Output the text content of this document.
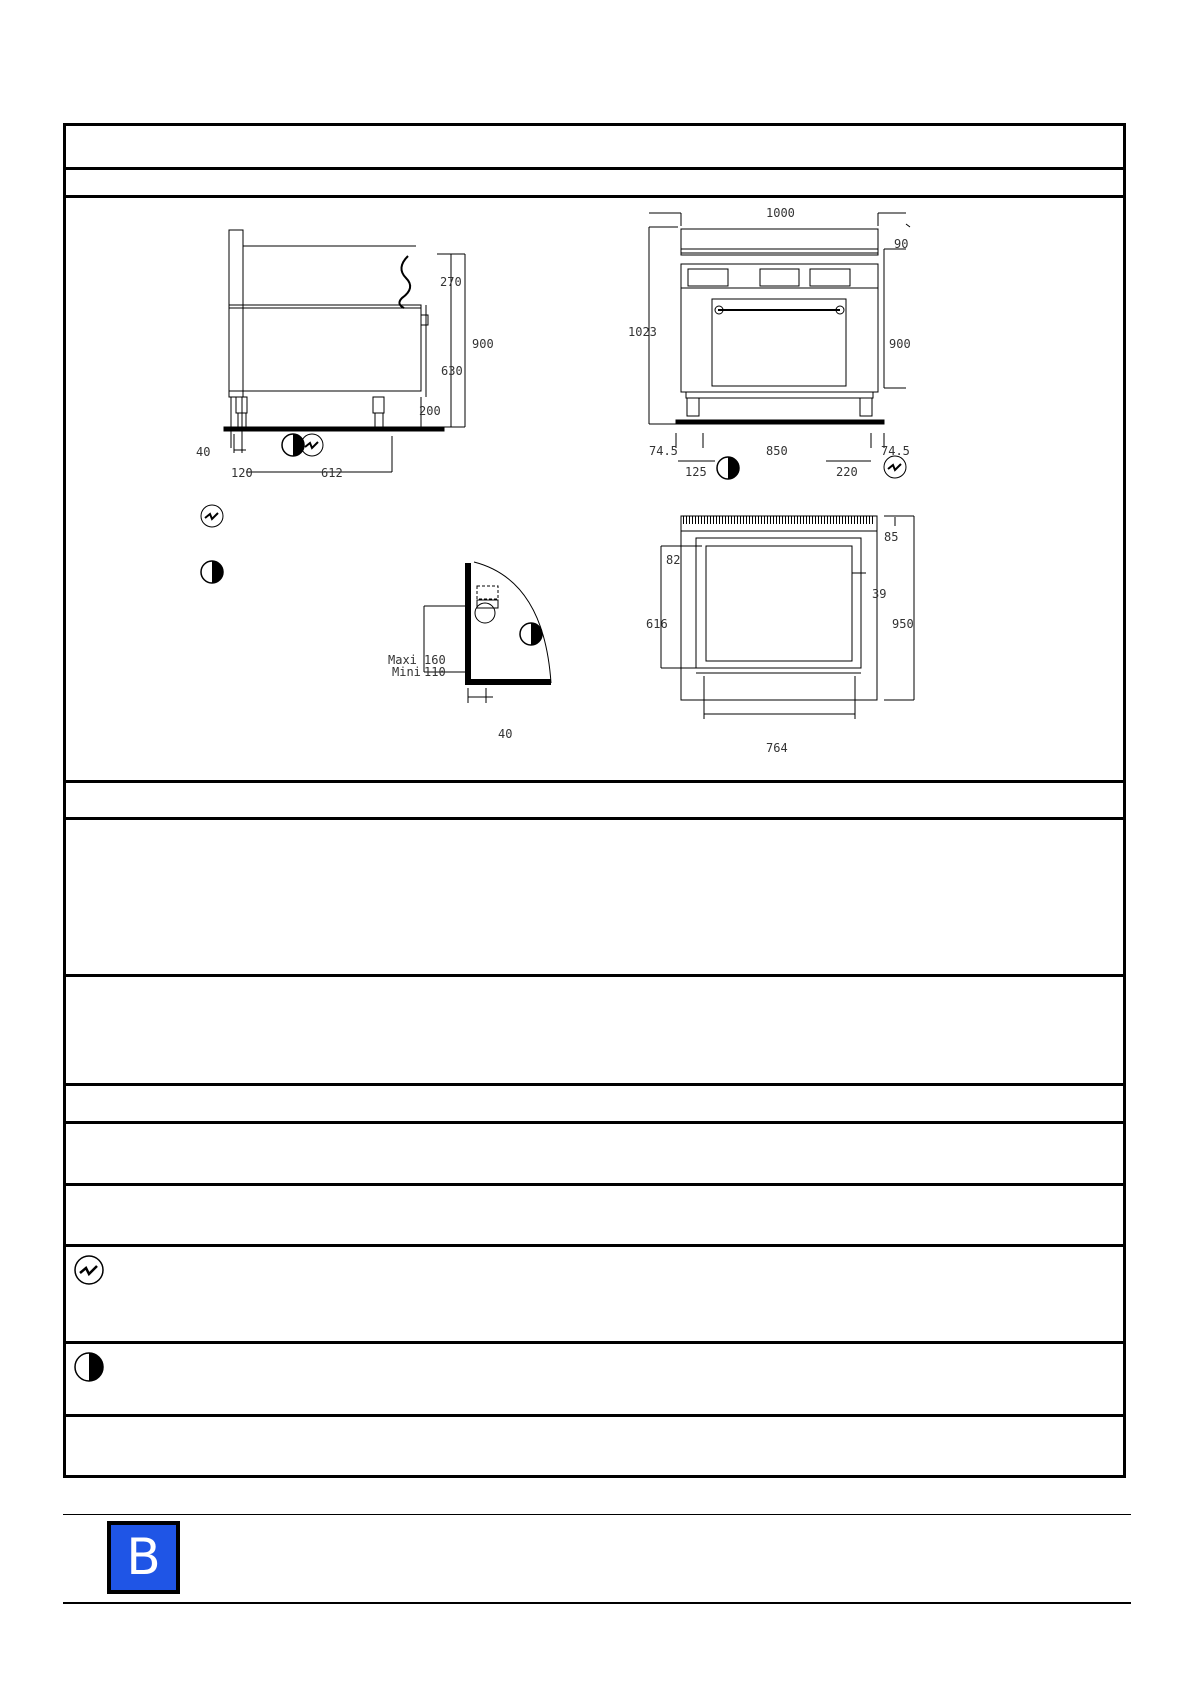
270
900
630
200
40
120	612
1000
90
1023
900
74.5	850	74.5
125	220
Maxi 160
Mini 110
40
85
82
616
39
950
764
B
